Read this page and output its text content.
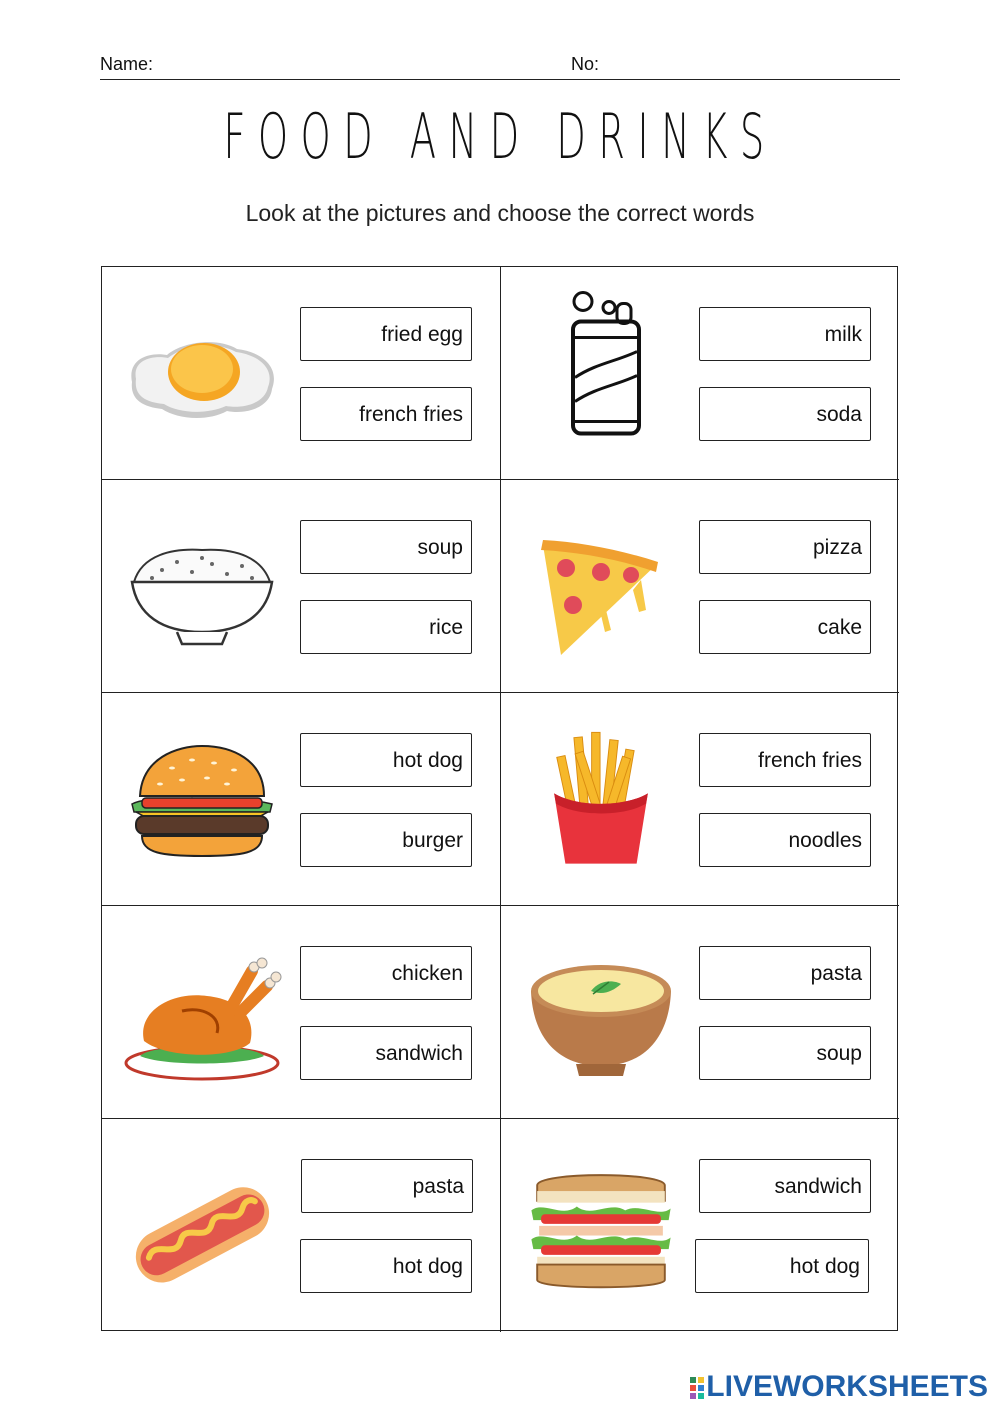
Name:	No:
FOOD AND DRINKS
Look at the pictures and choose the correct words
fried egg
french fries
milk
soda
soup
rice
pizza
cake
hot dog
burger
french fries
noodles
chicken
sandwich
pasta
soup
pasta
hot dog
sandwich
hot dog
LIVEWORKSHEETS
